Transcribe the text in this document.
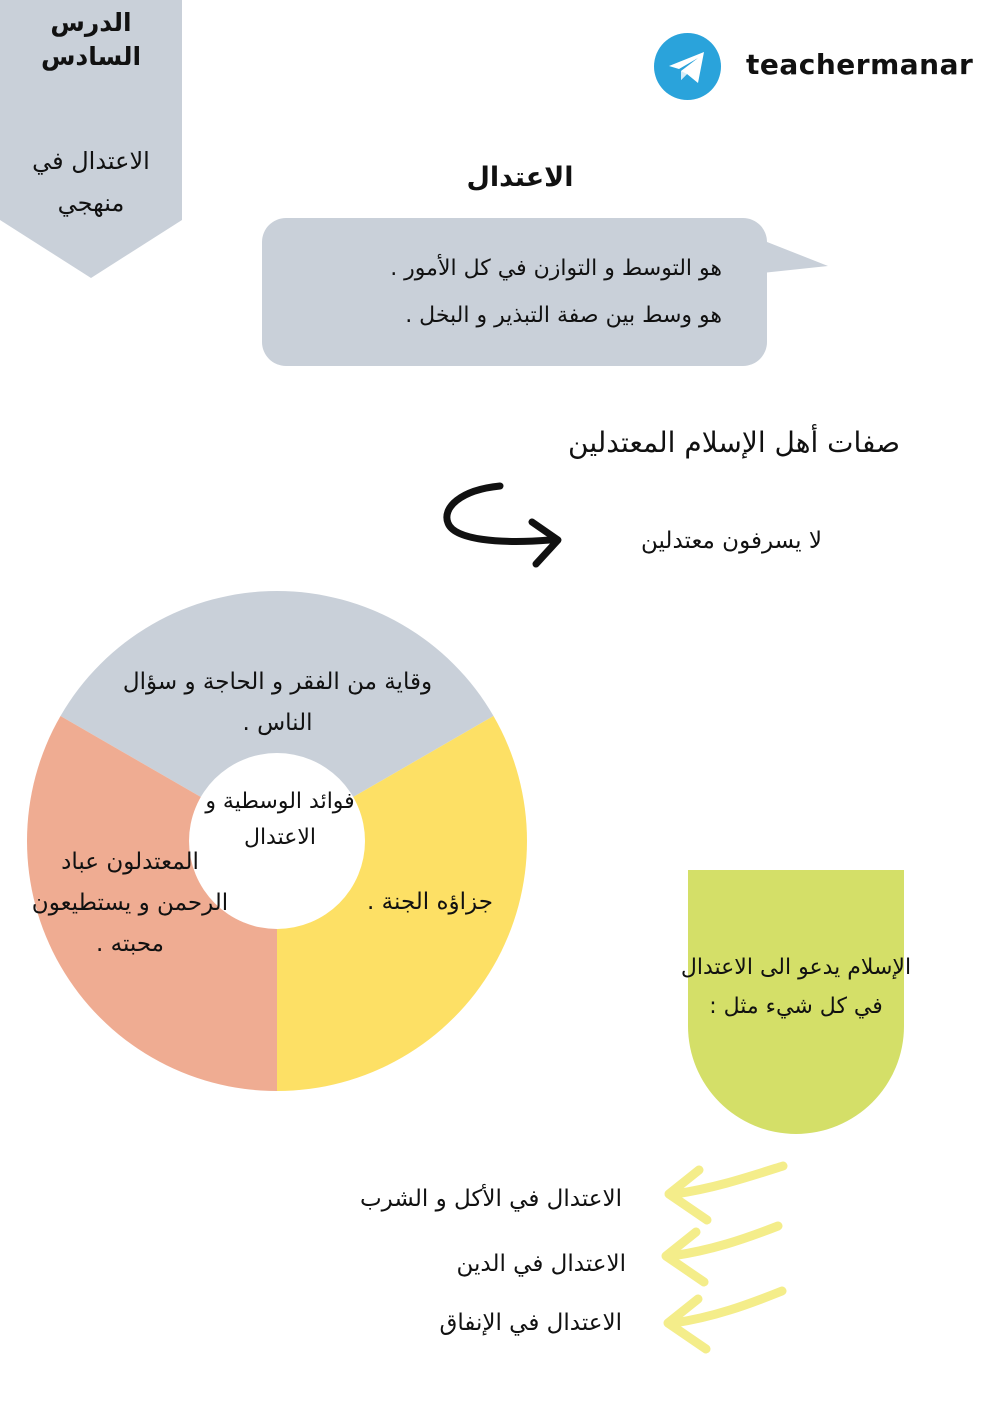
الدرس السادس
الاعتدال في منهجي
teachermanar
الاعتدال
هو التوسط و التوازن في كل الأمور .
هو وسط بين صفة التبذير و البخل .
صفات أهل الإسلام المعتدلين
لا يسرفون معتدلين
وقاية من الفقر و الحاجة و سؤال الناس .
جزاؤه الجنة .
المعتدلون عباد الرحمن و يستطيعون محبته .
فوائد الوسطية و الاعتدال
الإسلام يدعو الى الاعتدال في كل شيء مثل :
الاعتدال في الأكل و الشرب
الاعتدال في الدين
الاعتدال في الإنفاق
